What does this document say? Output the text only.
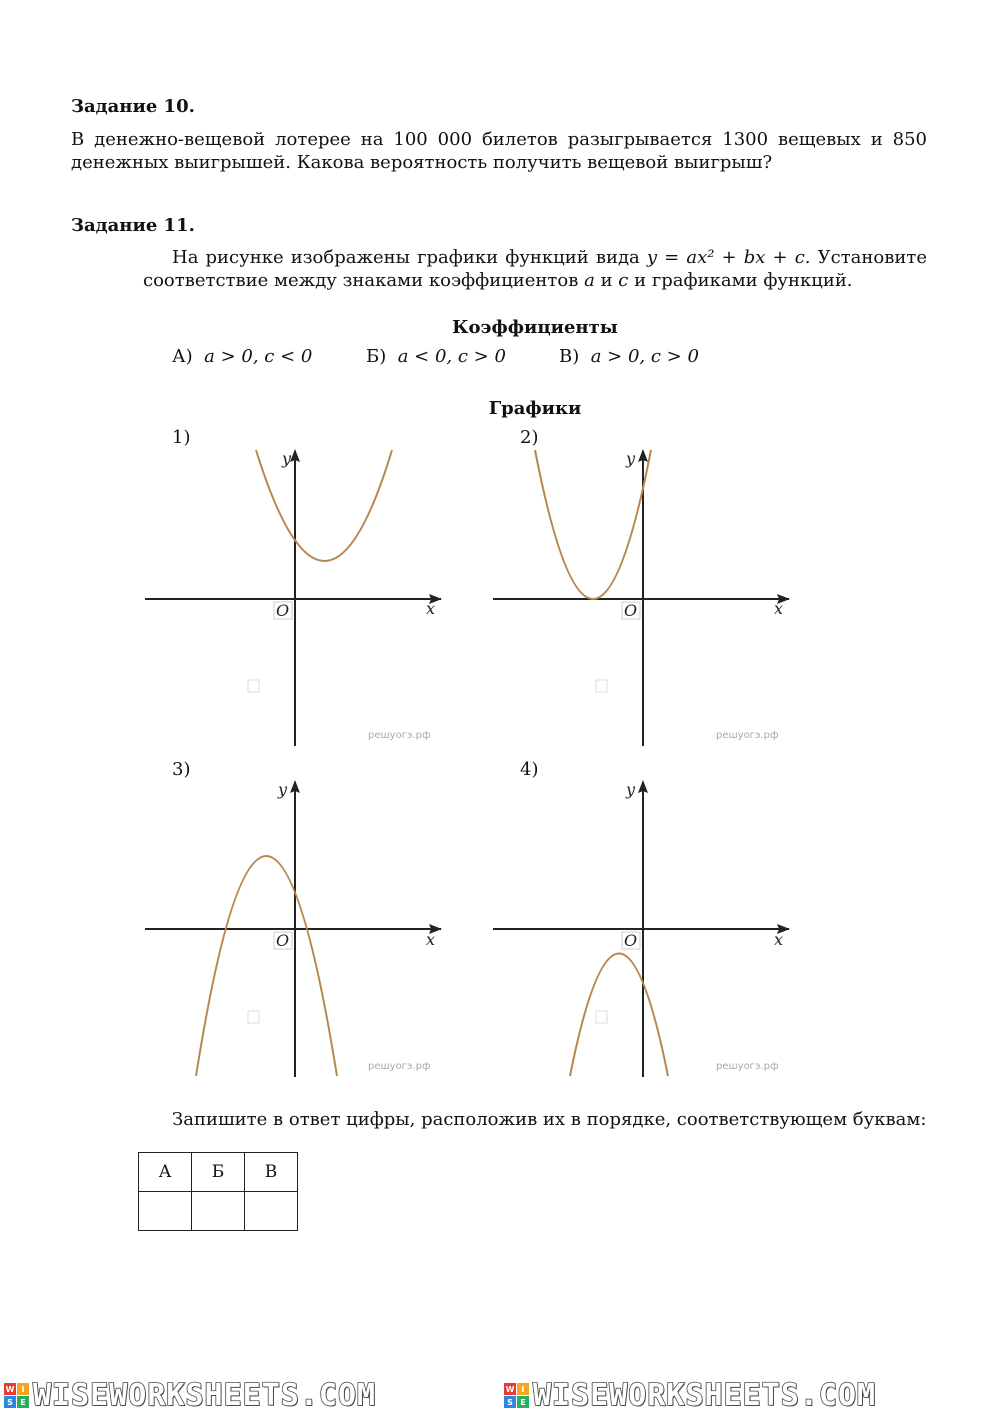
Задание 10.
В денежно-вещевой лотерее на 100 000 билетов разыгрывается 1300 вещевых и 850 денежных выигрышей. Какова вероятность получить вещевой выигрыш?
Задание 11.
На рисунке изображены графики функций вида y = ax² + bx + c. Установите соответствие между знаками коэффициентов a и c и графиками функций.
Коэффициенты
А) a > 0, c < 0	Б) a < 0, c > 0	В) a > 0, c > 0
Графики
1)	2)
3)	4)
y
x
O
решуогэ.рф
y
x
O
решуогэ.рф
y
x
O
решуогэ.рф
y
x
O
решуогэ.рф
Запишите в ответ цифры, расположив их в порядке, соответствующем буквам:
А	Б	В

W I
S E WISEWORKSHEETS.COM	W I
S E WISEWORKSHEETS.COM
